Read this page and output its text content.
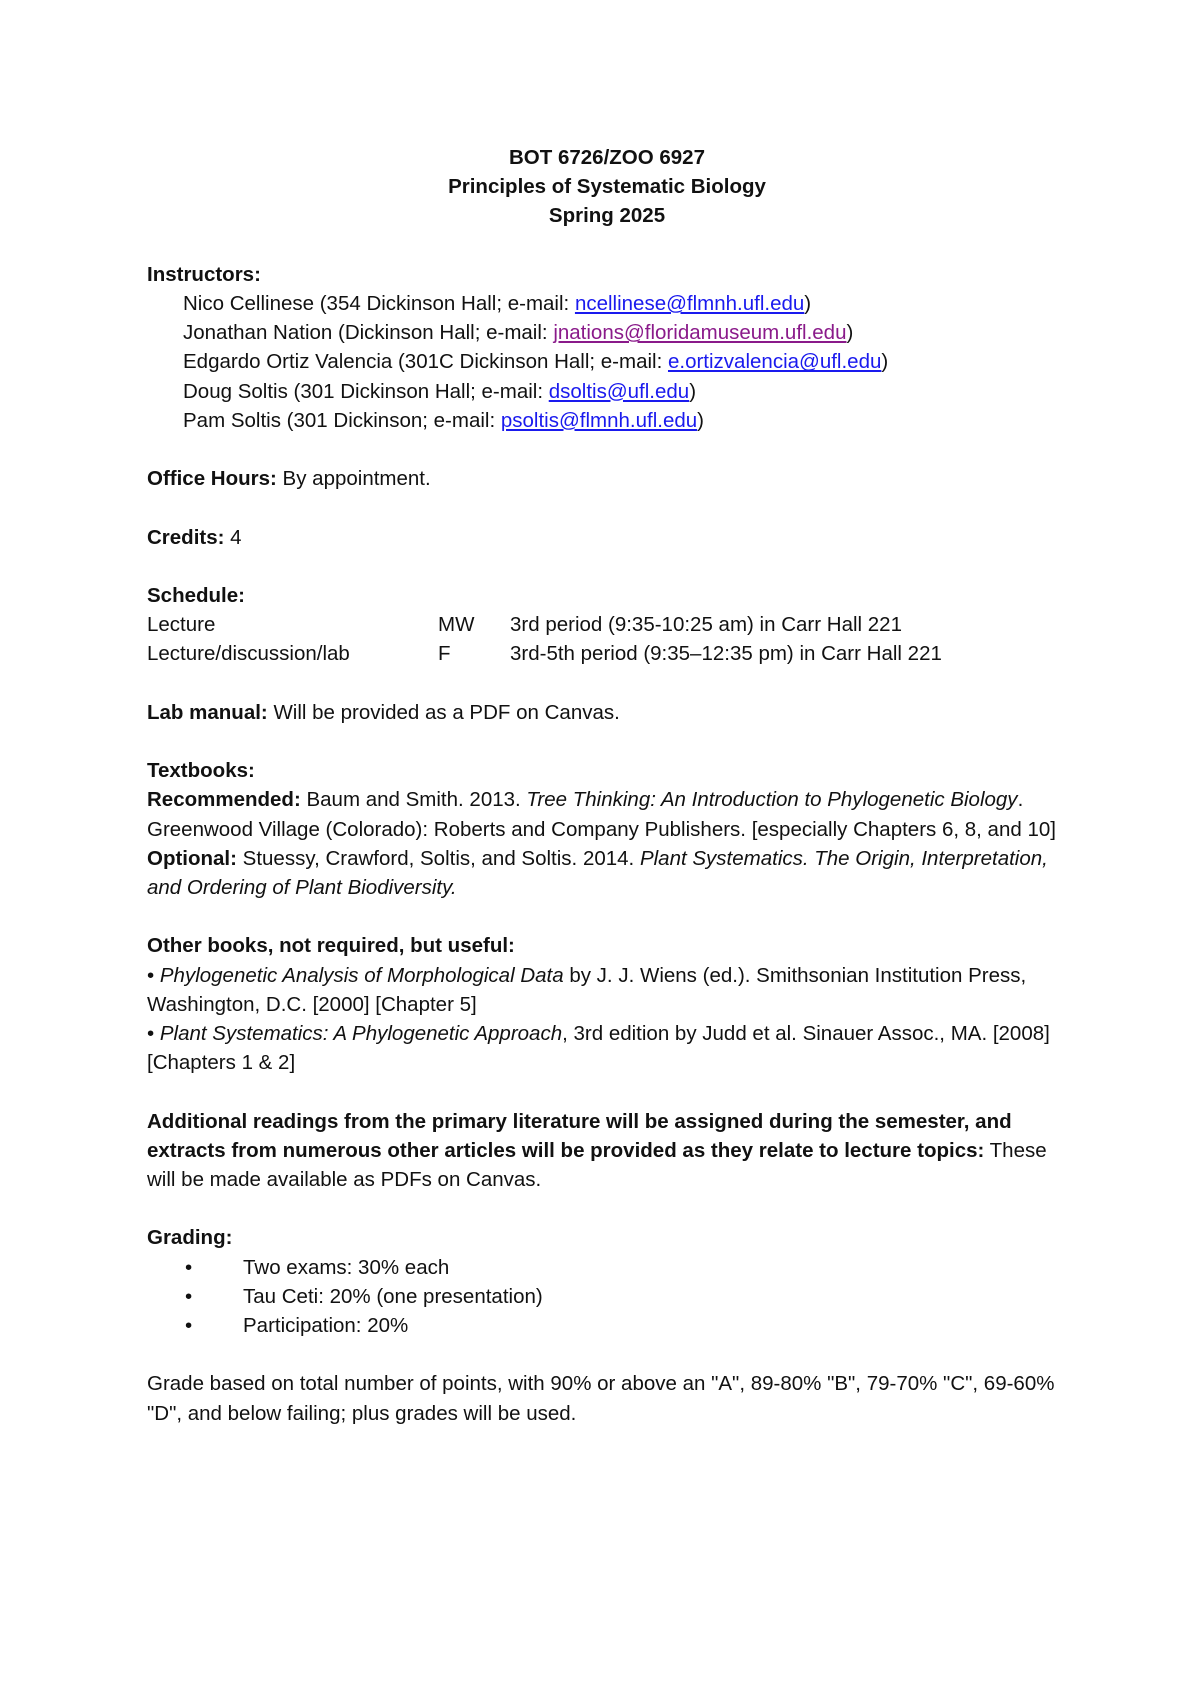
BOT 6726/ZOO 6927
Principles of Systematic Biology
Spring 2025
Instructors:
Nico Cellinese (354 Dickinson Hall; e-mail: ncellinese@flmnh.ufl.edu)
Jonathan Nation (Dickinson Hall; e-mail: jnations@floridamuseum.ufl.edu)
Edgardo Ortiz Valencia (301C Dickinson Hall; e-mail: e.ortizvalencia@ufl.edu)
Doug Soltis (301 Dickinson Hall; e-mail: dsoltis@ufl.edu)
Pam Soltis (301 Dickinson; e-mail: psoltis@flmnh.ufl.edu)
Office Hours: By appointment.
Credits: 4
Schedule:
Lecture	MW	3rd period (9:35-10:25 am) in Carr Hall 221
Lecture/discussion/lab	F	3rd-5th period (9:35–12:35 pm) in Carr Hall 221
Lab manual: Will be provided as a PDF on Canvas.
Textbooks:
Recommended: Baum and Smith. 2013. Tree Thinking: An Introduction to Phylogenetic Biology. Greenwood Village (Colorado): Roberts and Company Publishers. [especially Chapters 6, 8, and 10]
Optional: Stuessy, Crawford, Soltis, and Soltis. 2014. Plant Systematics. The Origin, Interpretation, and Ordering of Plant Biodiversity.
Other books, not required, but useful:
• Phylogenetic Analysis of Morphological Data by J. J. Wiens (ed.). Smithsonian Institution Press, Washington, D.C. [2000] [Chapter 5]
• Plant Systematics: A Phylogenetic Approach, 3rd edition by Judd et al. Sinauer Assoc., MA. [2008] [Chapters 1 & 2]
Additional readings from the primary literature will be assigned during the semester, and extracts from numerous other articles will be provided as they relate to lecture topics: These will be made available as PDFs on Canvas.
Grading:
•	Two exams: 30% each
•	Tau Ceti: 20% (one presentation)
•	Participation: 20%
Grade based on total number of points, with 90% or above an "A", 89-80% "B", 79-70% "C", 69-60% "D", and below failing; plus grades will be used.
